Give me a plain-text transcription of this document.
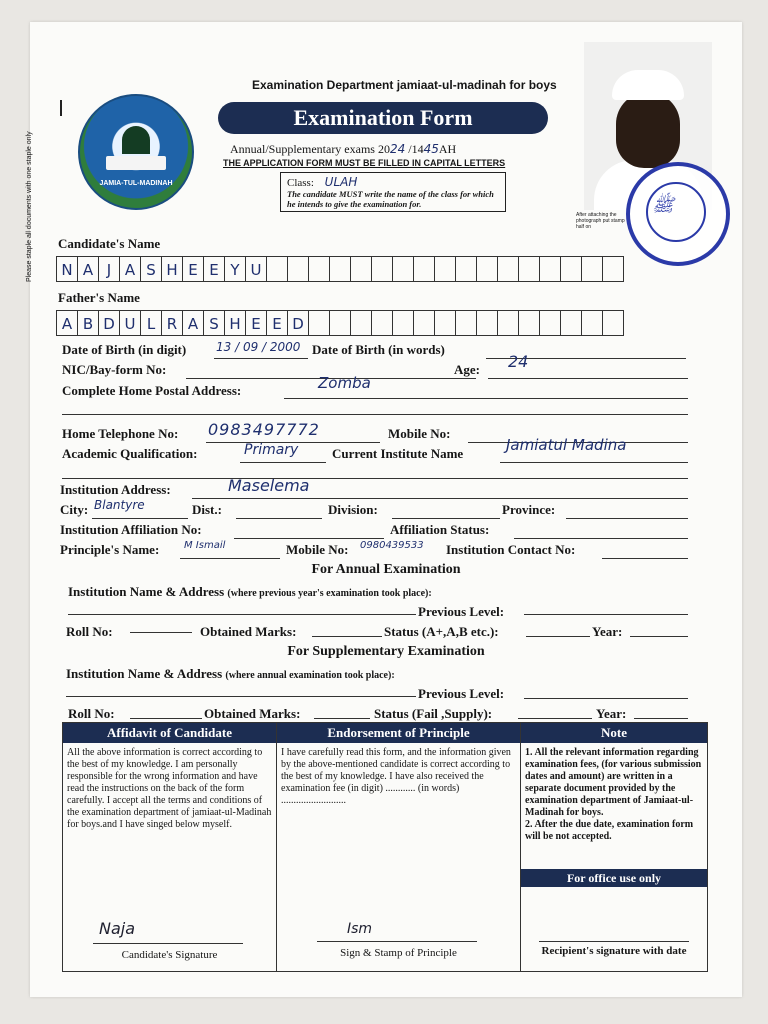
Please staple all documents with one staple only	JAMIA-TUL-MADINAH
Examination Department jamiaat-ul-madinah for boys
Examination Form
Annual/Supplementary exams 2024 /1445AH
THE APPLICATION FORM MUST BE FILLED IN CAPITAL LETTERS
Class: ULAH
The candidate MUST write the name of the class for which he intends to give the examination for.
After attaching the photograph put stamp half on
ﷺ
Candidate's Name
N A J A S H E E Y U
Father's Name
A B D U L R A S H E E D
Date of Birth (in digit) 13 / 09 / 2000 Date of Birth (in words)
NIC/Bay-form No:	Age: 24
Complete Home Postal Address:	Zomba
Home Telephone No: 0983497772	Mobile No:
Academic Qualification:	Primary	Current Institute Name	Jamiatul Madina
Institution Address:	Maselema
City: Blantyre	Dist.:	Division:	Province:
Institution Affiliation No:	Affiliation Status:
Principle's Name: M Ismail	Mobile No: 0980439533 Institution Contact No:
For Annual Examination
Institution Name & Address (where previous year's examination took place):
Previous Level:
Roll No:	Obtained Marks:	Status (A+,A,B etc.):	Year:
For Supplementary Examination
Institution Name & Address (where annual examination took place):
Previous Level:
Roll No:	Obtained Marks:	Status (Fail ,Supply):	Year:
Affidavit of Candidate
All the above information is correct according to the best of my knowledge. I am personally responsible for the wrong information and have read the instructions on the back of the form carefully. I accept all the terms and conditions of the examination department of jamiaat-ul-Madinah for boys.and I have singed below myself.
Naja
Candidate's Signature
Endorsement of Principle
I have carefully read this form, and the information given by the above-mentioned candidate is correct according to the best of my knowledge. I have also received the examination fee (in digit) ............ (in words) ..........................
Ism
Sign & Stamp of Principle
Note
1. All the relevant information regarding examination fees, (for various submission dates and amount) are written in a separate document provided by the examination department of Jamiaat-ul-Madinah for boys.
2. After the due date, examination form will be not accepted.
For office use only
Recipient's signature with date
